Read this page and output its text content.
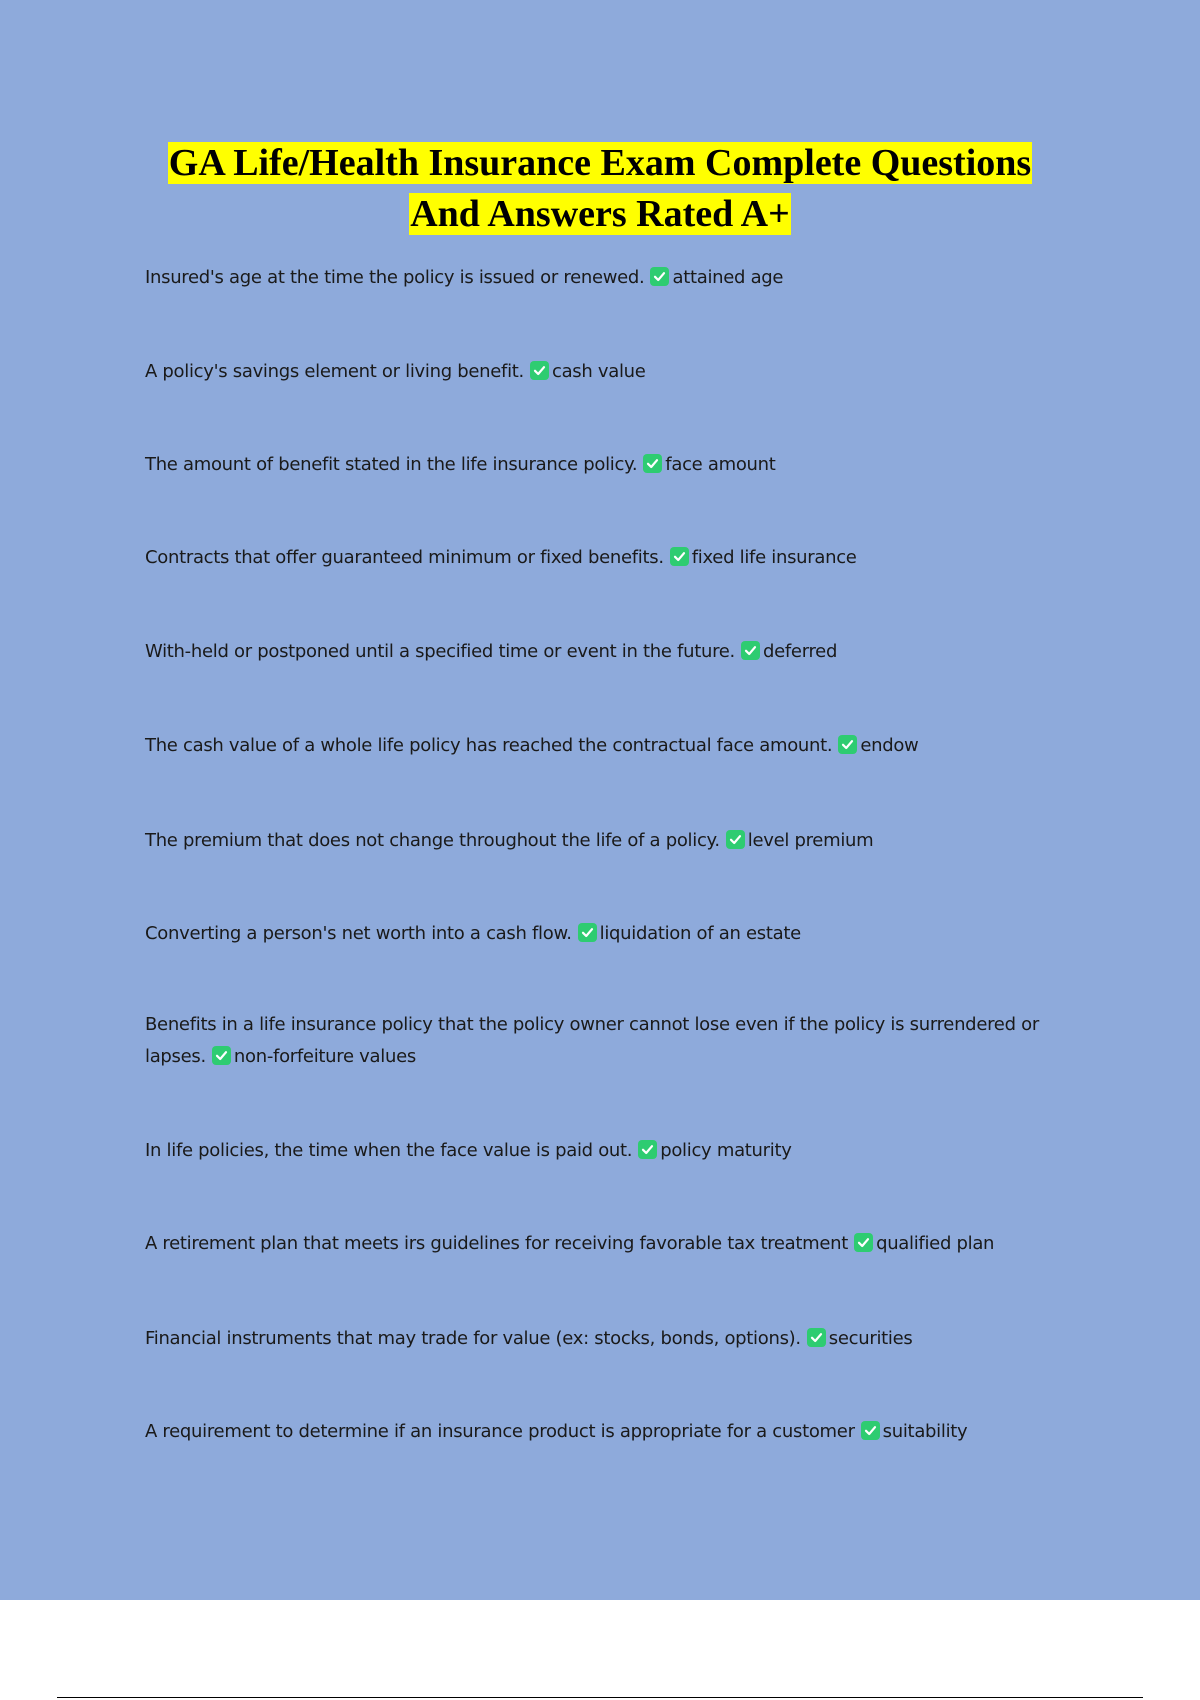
GA Life/Health Insurance Exam Complete Questions
And Answers Rated A+

Insured's age at the time the policy is issued or renewed. attained age

A policy's savings element or living benefit. cash value

The amount of benefit stated in the life insurance policy. face amount

Contracts that offer guaranteed minimum or fixed benefits. fixed life insurance

With-held or postponed until a specified time or event in the future. deferred

The cash value of a whole life policy has reached the contractual face amount. endow

The premium that does not change throughout the life of a policy. level premium

Converting a person's net worth into a cash flow. liquidation of an estate

Benefits in a life insurance policy that the policy owner cannot lose even if the policy is surrendered or lapses. non-forfeiture values

In life policies, the time when the face value is paid out. policy maturity

A retirement plan that meets irs guidelines for receiving favorable tax treatment qualified plan

Financial instruments that may trade for value (ex: stocks, bonds, options). securities

A requirement to determine if an insurance product is appropriate for a customer suitability
